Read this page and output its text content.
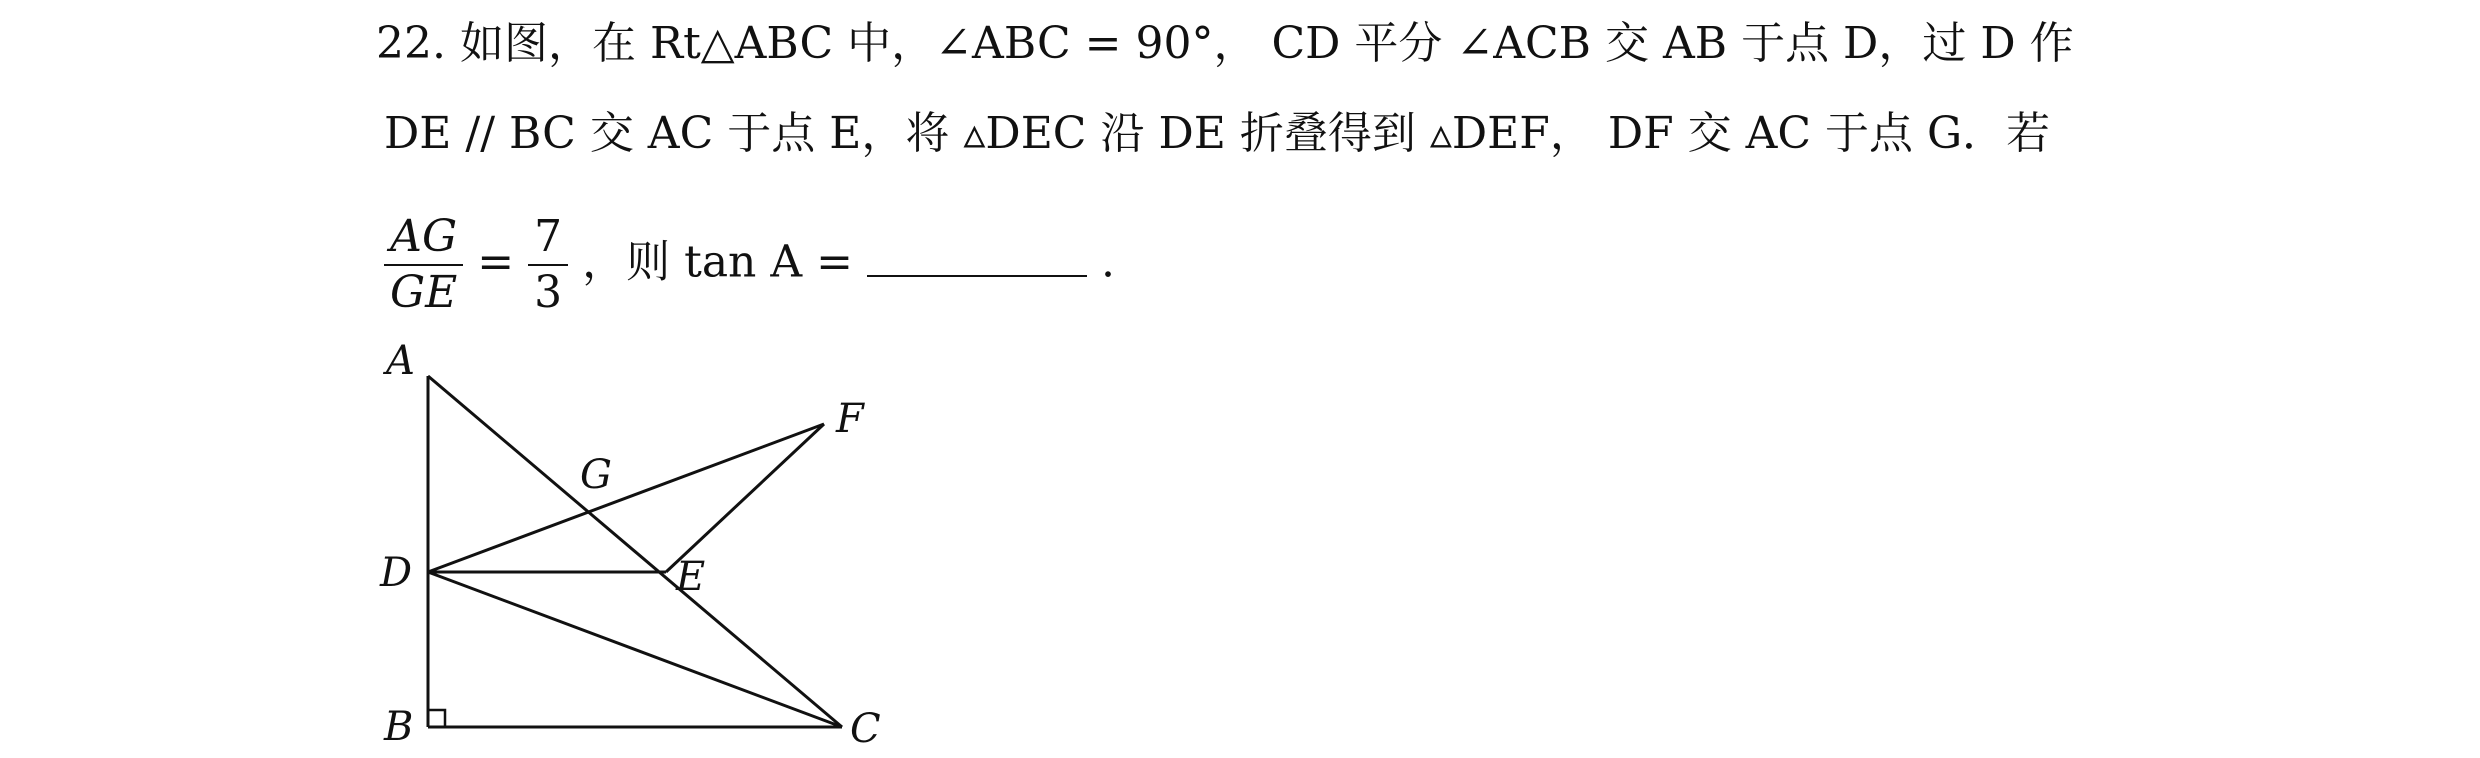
22. 如图，在 Rt△ABC 中，∠ABC = 90°， CD 平分 ∠ACB 交 AB 于点 D，过 D 作
DE // BC 交 AC 于点 E，将 ▵DEC 沿 DE 折叠得到 ▵DEF， DF 交 AC 于点 G．若
$\frac{AG}{GE} = \frac{7}{3}$ ，则 tan A =	.
A
D
B	C
E
G
F
